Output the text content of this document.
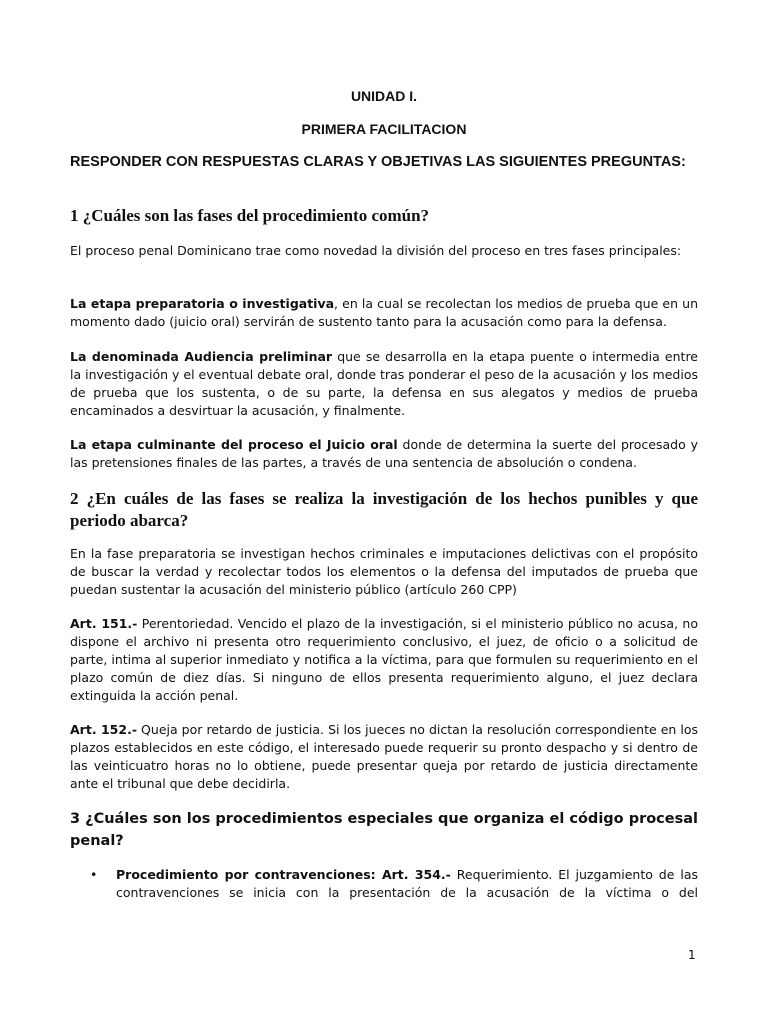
UNIDAD I.
PRIMERA FACILITACION
RESPONDER CON RESPUESTAS CLARAS Y OBJETIVAS LAS SIGUIENTES PREGUNTAS:
1 ¿Cuáles son las fases del procedimiento común?
El proceso penal Dominicano trae como novedad la división del proceso en tres fases principales:
La etapa preparatoria o investigativa, en la cual se recolectan los medios de prueba que en un momento dado (juicio oral) servirán de sustento tanto para la acusación como para la defensa.
La denominada Audiencia preliminar que se desarrolla en la etapa puente o intermedia entre la investigación y el eventual debate oral, donde tras ponderar el peso de la acusación y los medios de prueba que los sustenta, o de su parte, la defensa en sus alegatos y medios de prueba encaminados a desvirtuar la acusación, y finalmente.
La etapa culminante del proceso el Juicio oral donde de determina la suerte del procesado y las pretensiones finales de las partes, a través de una sentencia de absolución o condena.
2 ¿En cuáles de las fases se realiza la investigación de los hechos punibles y que periodo abarca?
En la fase preparatoria se investigan hechos criminales e imputaciones delictivas con el propósito de buscar la verdad y recolectar todos los elementos o la defensa del imputados de prueba que puedan sustentar la acusación del ministerio público (artículo 260 CPP)
Art. 151.- Perentoriedad. Vencido el plazo de la investigación, si el ministerio público no acusa, no dispone el archivo ni presenta otro requerimiento conclusivo, el juez, de oficio o a solicitud de parte, intima al superior inmediato y notifica a la víctima, para que formulen su requerimiento en el plazo común de diez días. Si ninguno de ellos presenta requerimiento alguno, el juez declara extinguida la acción penal.
Art. 152.- Queja por retardo de justicia. Si los jueces no dictan la resolución correspondiente en los plazos establecidos en este código, el interesado puede requerir su pronto despacho y si dentro de las veinticuatro horas no lo obtiene, puede presentar queja por retardo de justicia directamente ante el tribunal que debe decidirla.
3 ¿Cuáles son los procedimientos especiales que organiza el código procesal penal?
• Procedimiento por contravenciones: Art. 354.- Requerimiento. El juzgamiento de las contravenciones se inicia con la presentación de la acusación de la víctima o del
1
